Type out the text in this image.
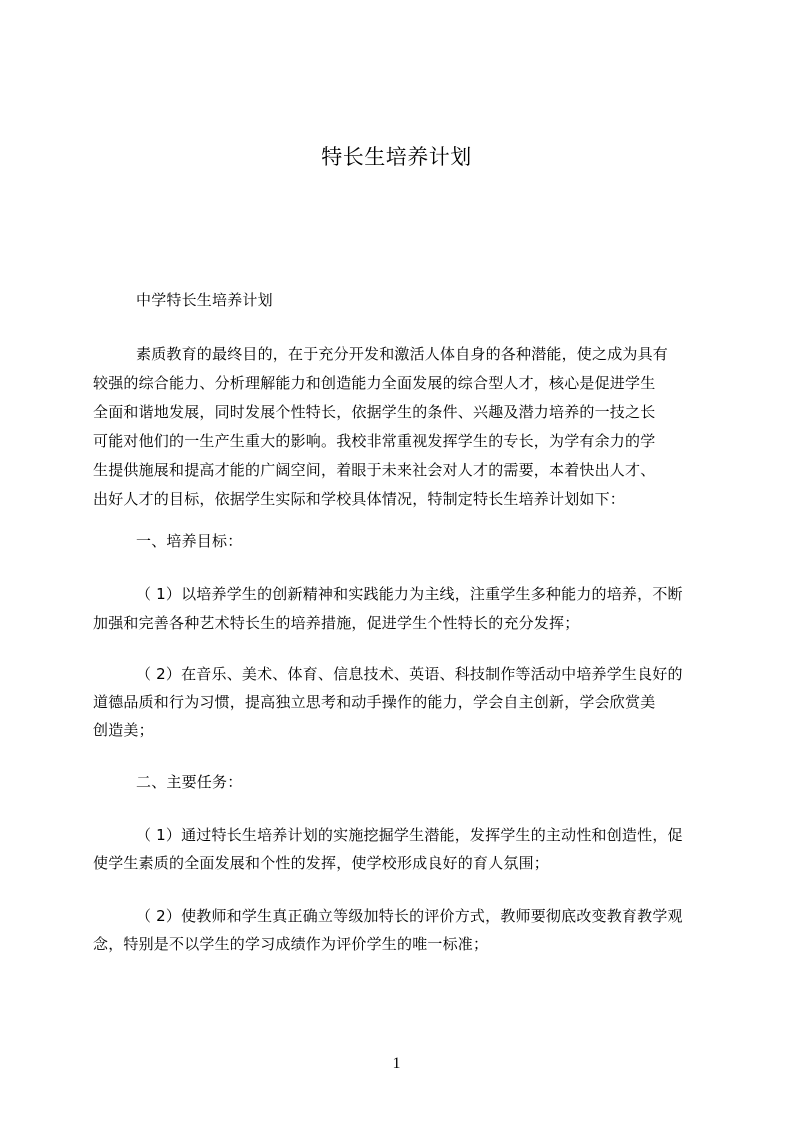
特长生培养计划
中学特长生培养计划
素质教育的最终目的，在于充分开发和激活人体自身的各种潜能，使之成为具有
较强的综合能力、分析理解能力和创造能力全面发展的综合型人才，核心是促进学生
全面和谐地发展，同时发展个性特长，依据学生的条件、兴趣及潜力培养的一技之长
可能对他们的一生产生重大的影响。我校非常重视发挥学生的专长，为学有余力的学
生提供施展和提高才能的广阔空间，着眼于未来社会对人才的需要，本着快出人才、
出好人才的目标，依据学生实际和学校具体情况，特制定特长生培养计划如下：
一、培养目标：
（ 1）以培养学生的创新精神和实践能力为主线，注重学生多种能力的培养，不断
加强和完善各种艺术特长生的培养措施，促进学生个性特长的充分发挥；
（ 2）在音乐、美术、体育、信息技术、英语、科技制作等活动中培养学生良好的
道德品质和行为习惯，提高独立思考和动手操作的能力，学会自主创新，学会欣赏美
创造美；
二、主要任务：
（ 1）通过特长生培养计划的实施挖掘学生潜能，发挥学生的主动性和创造性，促
使学生素质的全面发展和个性的发挥，使学校形成良好的育人氛围；
（ 2）使教师和学生真正确立等级加特长的评价方式，教师要彻底改变教育教学观
念，特别是不以学生的学习成绩作为评价学生的唯一标准；
1
